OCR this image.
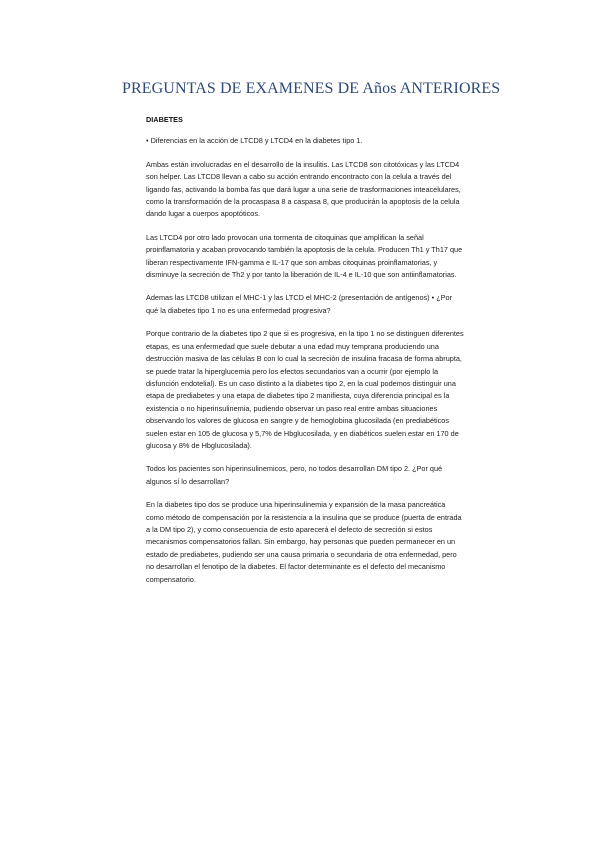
PREGUNTAS DE EXAMENES DE Años ANTERIORES
DIABETES

• Diferencias en la acción de LTCD8 y LTCD4 en la diabetes tipo 1.

Ambas están involucradas en el desarrollo de la insulitis. Las LTCD8 son citotóxicas y las LTCD4 son helper. Las LTCD8 llevan a cabo su acción entrando encontracto con la celula a través del ligando fas, activando la bomba fas que dará lugar a una serie de trasformaciones inteacelulares, como la transformación de la procaspasa 8 a caspasa 8, que producirán la apoptosis de la celula dando lugar a cuerpos apoptóticos.

Las LTCD4 por otro lado provocan una tormenta de citoquinas que amplifican la señal proinflamatoria y acaban provocando también la apoptosis de la celula. Producen Th1 y Th17 que liberan respectivamente IFN-gamma e IL-17 que son ambas citoquinas proinflamatorias, y disminuye la secreción de Th2 y por tanto la liberación de IL-4 e IL-10 que son antiinflamatorias.

Ademas las LTCD8 utilizan el MHC-1 y las LTCD el MHC-2 (presentación de antígenos) • ¿Por qué la diabetes tipo 1 no es una enfermedad progresiva?

Porque contrario de la diabetes tipo 2 que si es progresiva, en la tipo 1 no se distinguen diferentes etapas, es una enfermedad que suele debutar a una edad muy temprana produciendo una destrucción masiva de las células B con lo cual la secreción de insulina fracasa de forma abrupta, se puede tratar la hiperglucemia pero los efectos secundarios van a ocurrir (por ejemplo la disfunción endotelial). Es un caso distinto a la diabetes tipo 2, en la cual podemos distinguir una etapa de prediabetes y una etapa de diabetes tipo 2 manifiesta, cuya diferencia principal es la existencia o no hiperinsulinemia, pudiendo observar un paso real entre ambas situaciones observando los valores de glucosa en sangre y de hemoglobina glucosilada (en prediabéticos suelen estar en 105 de glucosa y 5,7% de Hbglucosilada, y en diabéticos suelen estar en 170 de glucosa y 8% de Hbglucosilada).

Todos los pacientes son hiperinsulinemicos, pero, no todos desarrollan DM tipo 2. ¿Por qué algunos sí lo desarrollan?

En la diabetes tipo dos se produce una hiperinsulinemia y expansión de la masa pancreática como método de compensación por la resistencia a la insulina que se produce (puerta de entrada a la DM tipo 2), y como consecuencia de esto aparecerá el defecto de secreción si estos mecanismos compensatorios fallan. Sin embargo, hay personas que pueden permanecer en un estado de prediabetes, pudiendo ser una causa primaria o secundaria de otra enfermedad, pero no desarrollan el fenotipo de la diabetes. El factor determinante es el defecto del mecanismo compensatorio.
